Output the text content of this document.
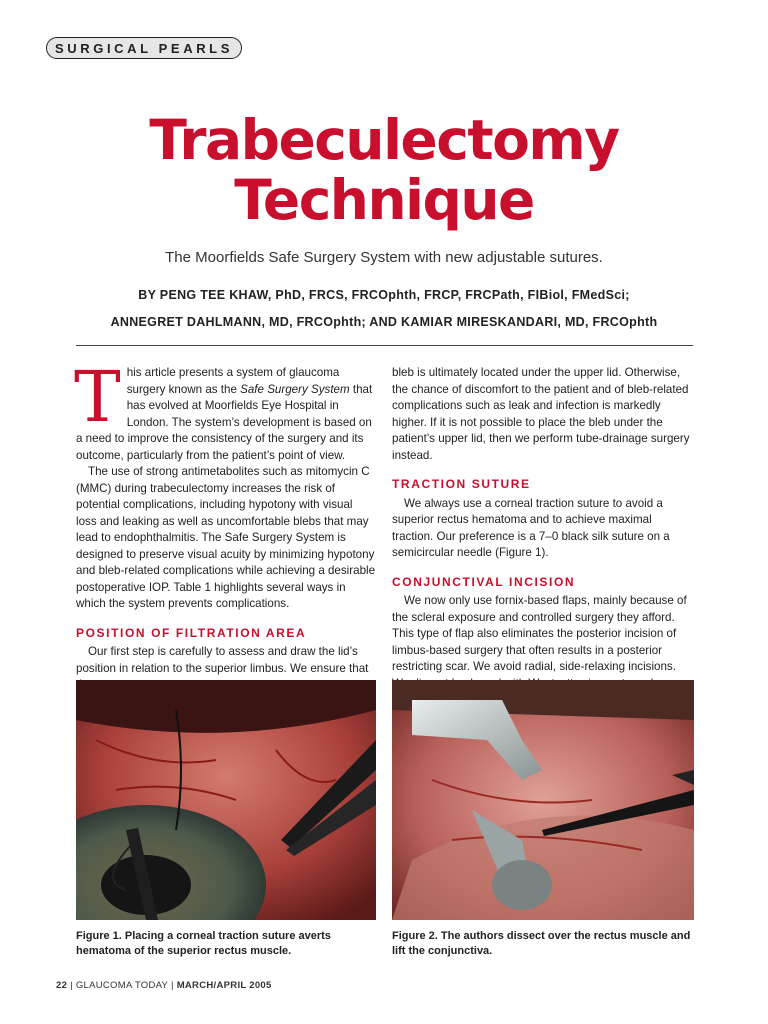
SURGICAL PEARLS
Trabeculectomy
Technique
The Moorfields Safe Surgery System with new adjustable sutures.
BY PENG TEE KHAW, PhD, FRCS, FRCOphth, FRCP, FRCPath, FIBiol, FMedSci;
ANNEGRET DAHLMANN, MD, FRCOphth; AND KAMIAR MIRESKANDARI, MD, FRCOphth

This article presents a system of glaucoma surgery known as the Safe Surgery System that has evolved at Moorfields Eye Hospital in London. The system’s development is based on a need to improve the consistency of the surgery and its outcome, particularly from the patient’s point of view.

The use of strong antimetabolites such as mitomycin C (MMC) during trabeculectomy increases the risk of potential complications, including hypotony with visual loss and leaking as well as uncomfortable blebs that may lead to endophthalmitis. The Safe Surgery System is designed to preserve visual acuity by minimizing hypotony and bleb-related complications while achieving a desirable postoperative IOP. Table 1 highlights several ways in which the system prevents complications.

POSITION OF FILTRATION AREA

Our first step is carefully to assess and draw the lid’s position in relation to the superior limbus. We ensure that

bleb is ultimately located under the upper lid. Otherwise, the chance of discomfort to the patient and of bleb-related complications such as leak and infection is markedly higher. If it is not possible to place the bleb under the patient’s upper lid, then we perform tube-drainage surgery instead.

TRACTION SUTURE

We always use a corneal traction suture to avoid a superior rectus hematoma and to achieve maximal traction. Our preference is a 7–0 black silk suture on a semicircular needle (Figure 1).

CONJUNCTIVAL INCISION

We now only use fornix-based flaps, mainly because of the scleral exposure and controlled surgery they afford. This type of flap also eliminates the posterior incision of limbus-based surgery that often results in a posterior restricting scar. We avoid radial, side-relaxing incisions.

Figure 1. Placing a corneal traction suture averts hematoma of the superior rectus muscle.
Figure 2. The authors dissect over the rectus muscle and lift the conjunctiva.
22 | GLAUCOMA TODAY | MARCH/APRIL 2005
